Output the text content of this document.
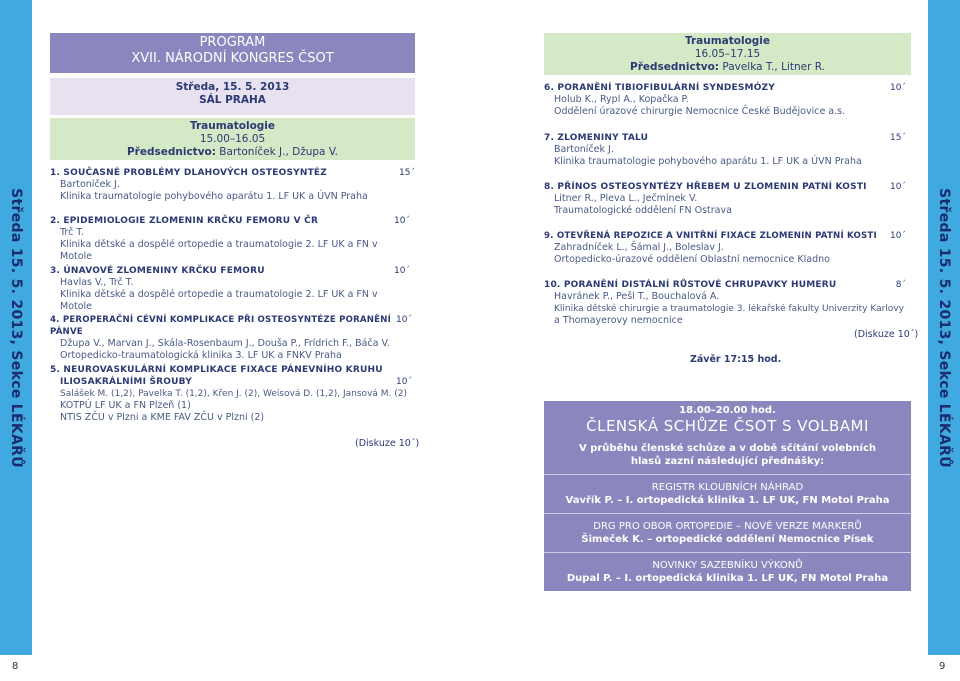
Středa 15. 5. 2013, Sekce LÉKAŘŮ	Středa 15. 5. 2013, Sekce LÉKAŘŮ
8	9
PROGRAM
XVII. NÁRODNÍ KONGRES ČSOT
Středa, 15. 5. 2013
SÁL PRAHA
Traumatologie
15.00–16.05
Předsednictvo: Bartoníček J., Džupa V.
1. SOUČASNÉ PROBLÉMY DLAHOVÝCH OSTEOSYNTÉZ	15´
Bartoníček J.
Klinika traumatologie pohybového aparátu 1. LF UK a ÚVN Praha
2. EPIDEMIOLOGIE ZLOMENIN KRČKU FEMORU V ČR	10´
Trč T.
Klinika dětské a dospělé ortopedie a traumatologie 2. LF UK a FN v Motole
3. ÚNAVOVÉ ZLOMENINY KRČKU FEMORU	10´
Havlas V., Trč T.
Klinika dětské a dospělé ortopedie a traumatologie 2. LF UK a FN v Motole
4. PEROPERAČNÍ CÉVNÍ KOMPLIKACE PŘI OSTEOSYNTÉZE PORANĚNÍ PÁNVE
10´
Džupa V., Marvan J., Skála-Rosenbaum J., Douša P., Frídrich F., Báča V.
Ortopedicko-traumatologická klinika 3. LF UK a FNKV Praha
5. NEUROVASKULÁRNÍ KOMPLIKACE FIXACE PÁNEVNÍHO KRUHU
ILIOSAKRÁLNÍMI ŠROUBY	10´
Salášek M. (1,2), Pavelka T. (1,2), Křen J. (2), Weisová D. (1,2), Jansová M. (2)
KOTPÚ LF UK a FN Plzeň (1)
NTIS ZČU v Plzni a KME FAV ZČU v Plzni (2)
(Diskuze 10´)
Traumatologie
16.05–17.15
Předsednictvo: Pavelka T., Litner R.
6. PORANĚNÍ TIBIOFIBULÁRNÍ SYNDESMÓZY	10´
Holub K., Rypl A., Kopačka P.
Oddělení úrazové chirurgie Nemocnice České Budějovice a.s.
7. ZLOMENINY TALU	15´
Bartoníček J.
Klinika traumatologie pohybového aparátu 1. LF UK a ÚVN Praha
8. PŘÍNOS OSTEOSYNTÉZY HŘEBEM U ZLOMENIN PATNÍ KOSTI	10´
Litner R., Pleva L., Ječmínek V.
Traumatologické oddělení FN Ostrava
9. OTEVŘENÁ REPOZICE A VNITŘNÍ FIXACE ZLOMENIN PATNÍ KOSTI	10´
Zahradníček L., Šámal J., Boleslav J.
Ortopedicko-úrazové oddělení Oblastní nemocnice Kladno
10. PORANĚNÍ DISTÁLNÍ RŮSTOVÉ CHRUPAVKY HUMERU	8´
Havránek P., Pešl T., Bouchalová A.
Klinika dětské chirurgie a traumatologie 3. lékařské fakulty Univerzity Karlovy
a Thomayerovy nemocnice
(Diskuze 10´)
Závěr 17:15 hod.
18.00–20.00 hod.
ČLENSKÁ SCHŮZE ČSOT S VOLBAMI
V průběhu členské schůze a v době sčítání volebních
hlasů zazní následující přednášky:
REGISTR KLOUBNÍCH NÁHRAD
Vavřík P. – I. ortopedická klinika 1. LF UK, FN Motol Praha
DRG PRO OBOR ORTOPEDIE – NOVÉ VERZE MARKERŮ
Šimeček K. – ortopedické oddělení Nemocnice Písek
NOVINKY SAZEBNÍKU VÝKONŮ
Dupal P. – I. ortopedická klinika 1. LF UK, FN Motol Praha
